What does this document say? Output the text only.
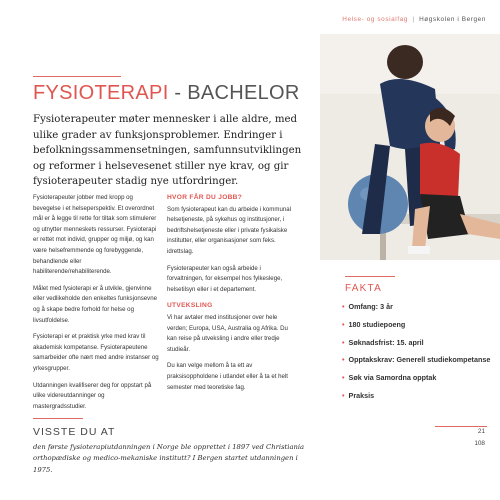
Helse- og sosialfag | Høgskolen i Bergen
FYSIOTERAPI - BACHELOR

Fysioterapeuter møter mennesker i alle aldre, med ulike grader av funksjonsproblemer. Endringer i befolkningssammensetningen, samfunnsutviklingen og reformer i helsevesenet stiller nye krav, og gir fysioterapeuter stadig nye utfordringer.

Fysioterapeuter jobber med kropp og bevegelse i et helseperspektiv. Et overordnet mål er å legge til rette for tiltak som stimulerer og utnytter menneskets ressurser. Fysioterapi er rettet mot individ, grupper og miljø, og kan være helsefremmende og forebyggende, behandlende eller habiliterende/rehabiliterende.

Målet med fysioterapi er å utvikle, gjenvinne eller vedlikeholde den enkeltes funksjonsevne og å skape bedre forhold for helse og livsutfoldelse.

Fysioterapi er et praktisk yrke med krav til akademisk kompetanse. Fysioterapeutene samarbeider ofte nært med andre instanser og yrkesgrupper.

Utdanningen kvalifiserer deg for oppstart på ulike videreutdanninger og mastergradsstudier.

HVOR FÅR DU JOBB?

Som fysioterapeut kan du arbeide i kommunal helsetjeneste, på sykehus og institusjoner, i bedriftshelsetjeneste eller i private fysikalske institutter, eller organisasjoner som feks. idrettslag.

Fysioterapeuter kan også arbeide i forvaltningen, for eksempel hos fylkeslege, helsetilsyn eller i et departement.

UTVEKSLING

Vi har avtaler med institusjoner over hele verden; Europa, USA, Australia og Afrika. Du kan reise på utveksling i andre eller tredje studieår.

Du kan velge mellom å ta ett av praksisoppholdene i utlandet eller å ta et helt semester med teoretiske fag.

FAKTA
• Omfang: 3 år
• 180 studiepoeng
• Søknadsfrist: 15. april
• Opptakskrav: Generell studiekompetanse
• Søk via Samordna opptak
• Praksis
VISSTE DU AT

den første fysioterapiutdanningen i Norge ble opprettet i 1897 ved Christiania orthopædiske og medico-mekaniske institutt? I Bergen startet utdanningen i 1975.

21
108
